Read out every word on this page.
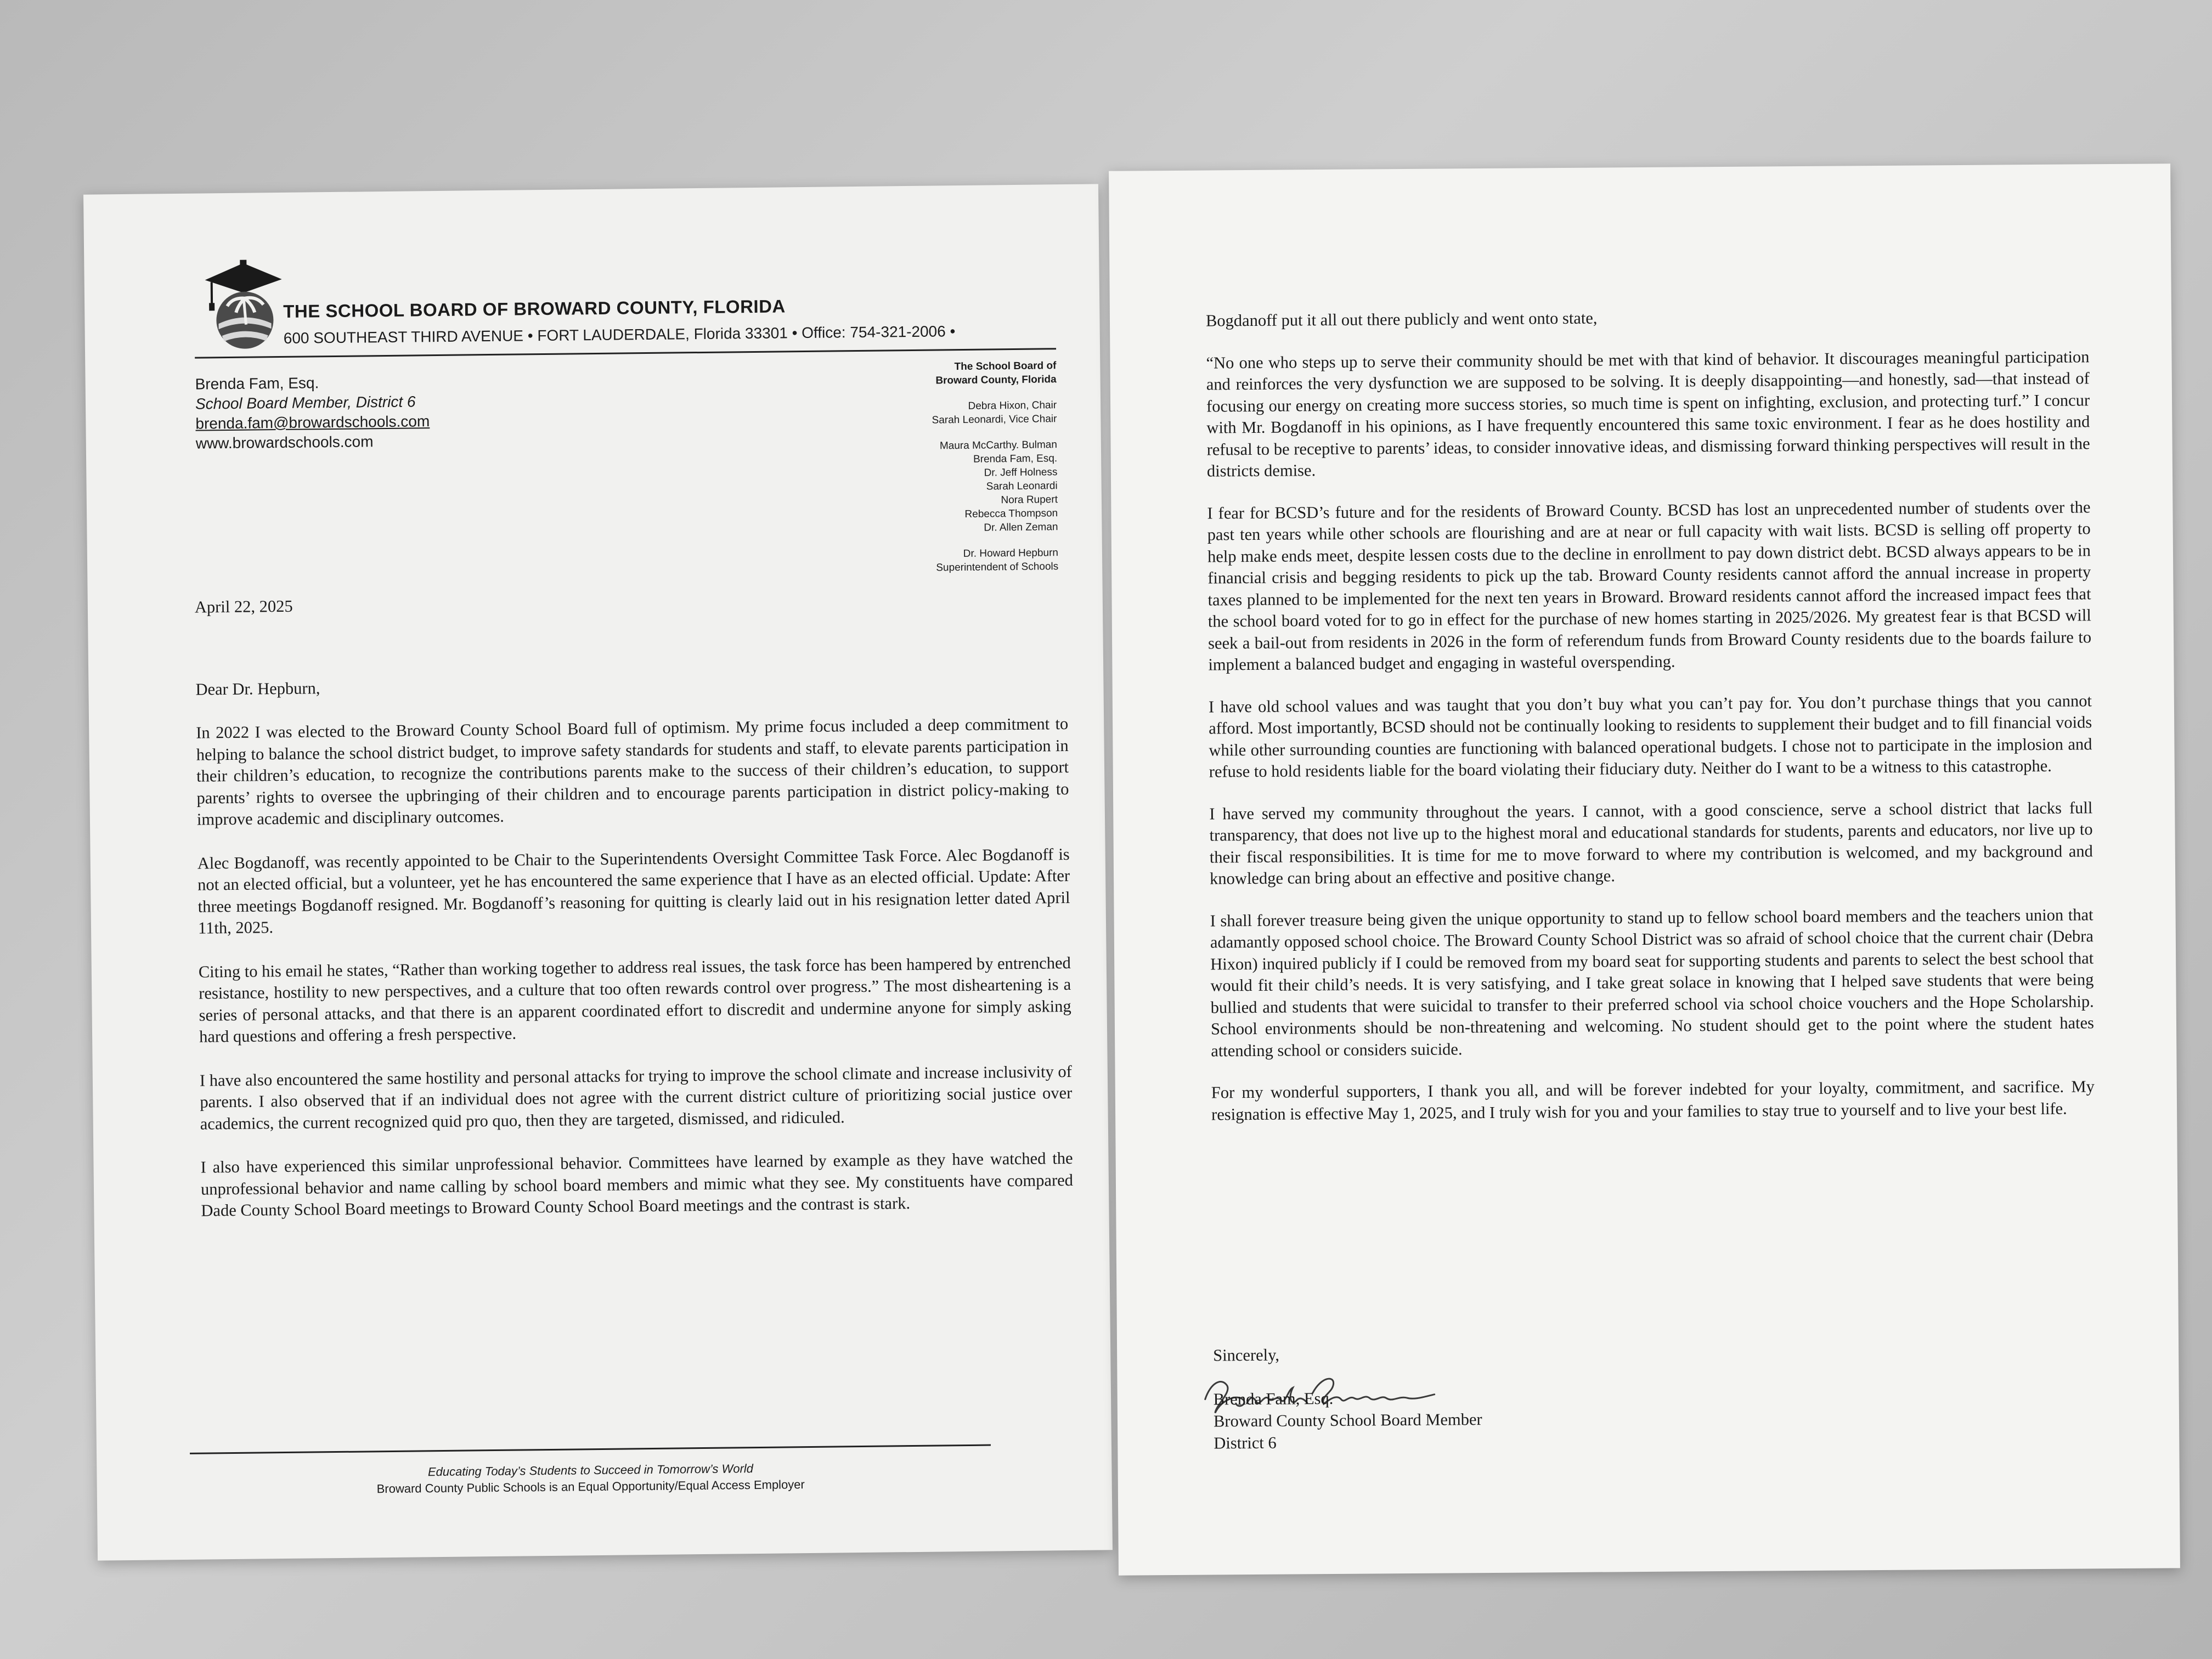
THE SCHOOL BOARD OF BROWARD COUNTY, FLORIDA
600 SOUTHEAST THIRD AVENUE • FORT LAUDERDALE, Florida 33301 • Office: 754-321-2006 •
Brenda Fam, Esq.
School Board Member, District 6
brenda.fam@browardschools.com
www.browardschools.com
The School Board of
Broward County, Florida
Debra Hixon, Chair
Sarah Leonardi, Vice Chair
Maura McCarthy. Bulman
Brenda Fam, Esq.
Dr. Jeff Holness
Sarah Leonardi
Nora Rupert
Rebecca Thompson
Dr. Allen Zeman
Dr. Howard Hepburn
Superintendent of Schools

April 22, 2025

Dear Dr. Hepburn,

In 2022 I was elected to the Broward County School Board full of optimism. My prime focus included a deep commitment to helping to balance the school district budget, to improve safety standards for students and staff, to elevate parents participation in their children’s education, to recognize the contributions parents make to the success of their children’s education, to support parents’ rights to oversee the upbringing of their children and to encourage parents participation in district policy-making to improve academic and disciplinary outcomes.

Alec Bogdanoff, was recently appointed to be Chair to the Superintendents Oversight Committee Task Force. Alec Bogdanoff is not an elected official, but a volunteer, yet he has encountered the same experience that I have as an elected official. Update: After three meetings Bogdanoff resigned. Mr. Bogdanoff’s reasoning for quitting is clearly laid out in his resignation letter dated April 11th, 2025.

Citing to his email he states, “Rather than working together to address real issues, the task force has been hampered by entrenched resistance, hostility to new perspectives, and a culture that too often rewards control over progress.” The most disheartening is a series of personal attacks, and that there is an apparent coordinated effort to discredit and undermine anyone for simply asking hard questions and offering a fresh perspective.

I have also encountered the same hostility and personal attacks for trying to improve the school climate and increase inclusivity of parents. I also observed that if an individual does not agree with the current district culture of prioritizing social justice over academics, the current recognized quid pro quo, then they are targeted, dismissed, and ridiculed.

I also have experienced this similar unprofessional behavior. Committees have learned by example as they have watched the unprofessional behavior and name calling by school board members and mimic what they see. My constituents have compared Dade County School Board meetings to Broward County School Board meetings and the contrast is stark.

Educating Today’s Students to Succeed in Tomorrow’s World
Broward County Public Schools is an Equal Opportunity/Equal Access Employer

Bogdanoff put it all out there publicly and went onto state,

“No one who steps up to serve their community should be met with that kind of behavior. It discourages meaningful participation and reinforces the very dysfunction we are supposed to be solving. It is deeply disappointing—and honestly, sad—that instead of focusing our energy on creating more success stories, so much time is spent on infighting, exclusion, and protecting turf.” I concur with Mr. Bogdanoff in his opinions, as I have frequently encountered this same toxic environment. I fear as he does hostility and refusal to be receptive to parents’ ideas, to consider innovative ideas, and dismissing forward thinking perspectives will result in the districts demise.

I fear for BCSD’s future and for the residents of Broward County. BCSD has lost an unprecedented number of students over the past ten years while other schools are flourishing and are at near or full capacity with wait lists. BCSD is selling off property to help make ends meet, despite lessen costs due to the decline in enrollment to pay down district debt. BCSD always appears to be in financial crisis and begging residents to pick up the tab. Broward County residents cannot afford the annual increase in property taxes planned to be implemented for the next ten years in Broward. Broward residents cannot afford the increased impact fees that the school board voted for to go in effect for the purchase of new homes starting in 2025/2026. My greatest fear is that BCSD will seek a bail-out from residents in 2026 in the form of referendum funds from Broward County residents due to the boards failure to implement a balanced budget and engaging in wasteful overspending.

I have old school values and was taught that you don’t buy what you can’t pay for. You don’t purchase things that you cannot afford. Most importantly, BCSD should not be continually looking to residents to supplement their budget and to fill financial voids while other surrounding counties are functioning with balanced operational budgets. I chose not to participate in the implosion and refuse to hold residents liable for the board violating their fiduciary duty. Neither do I want to be a witness to this catastrophe.

I have served my community throughout the years. I cannot, with a good conscience, serve a school district that lacks full transparency, that does not live up to the highest moral and educational standards for students, parents and educators, nor live up to their fiscal responsibilities. It is time for me to move forward to where my contribution is welcomed, and my background and knowledge can bring about an effective and positive change.

I shall forever treasure being given the unique opportunity to stand up to fellow school board members and the teachers union that adamantly opposed school choice. The Broward County School District was so afraid of school choice that the current chair (Debra Hixon) inquired publicly if I could be removed from my board seat for supporting students and parents to select the best school that would fit their child’s needs. It is very satisfying, and I take great solace in knowing that I helped save students that were being bullied and students that were suicidal to transfer to their preferred school via school choice vouchers and the Hope Scholarship. School environments should be non-threatening and welcoming. No student should get to the point where the student hates attending school or considers suicide.

For my wonderful supporters, I thank you all, and will be forever indebted for your loyalty, commitment, and sacrifice. My resignation is effective May 1, 2025, and I truly wish for you and your families to stay true to yourself and to live your best life.

Sincerely,
Brenda Fam, Esq.
Broward County School Board Member
District 6
